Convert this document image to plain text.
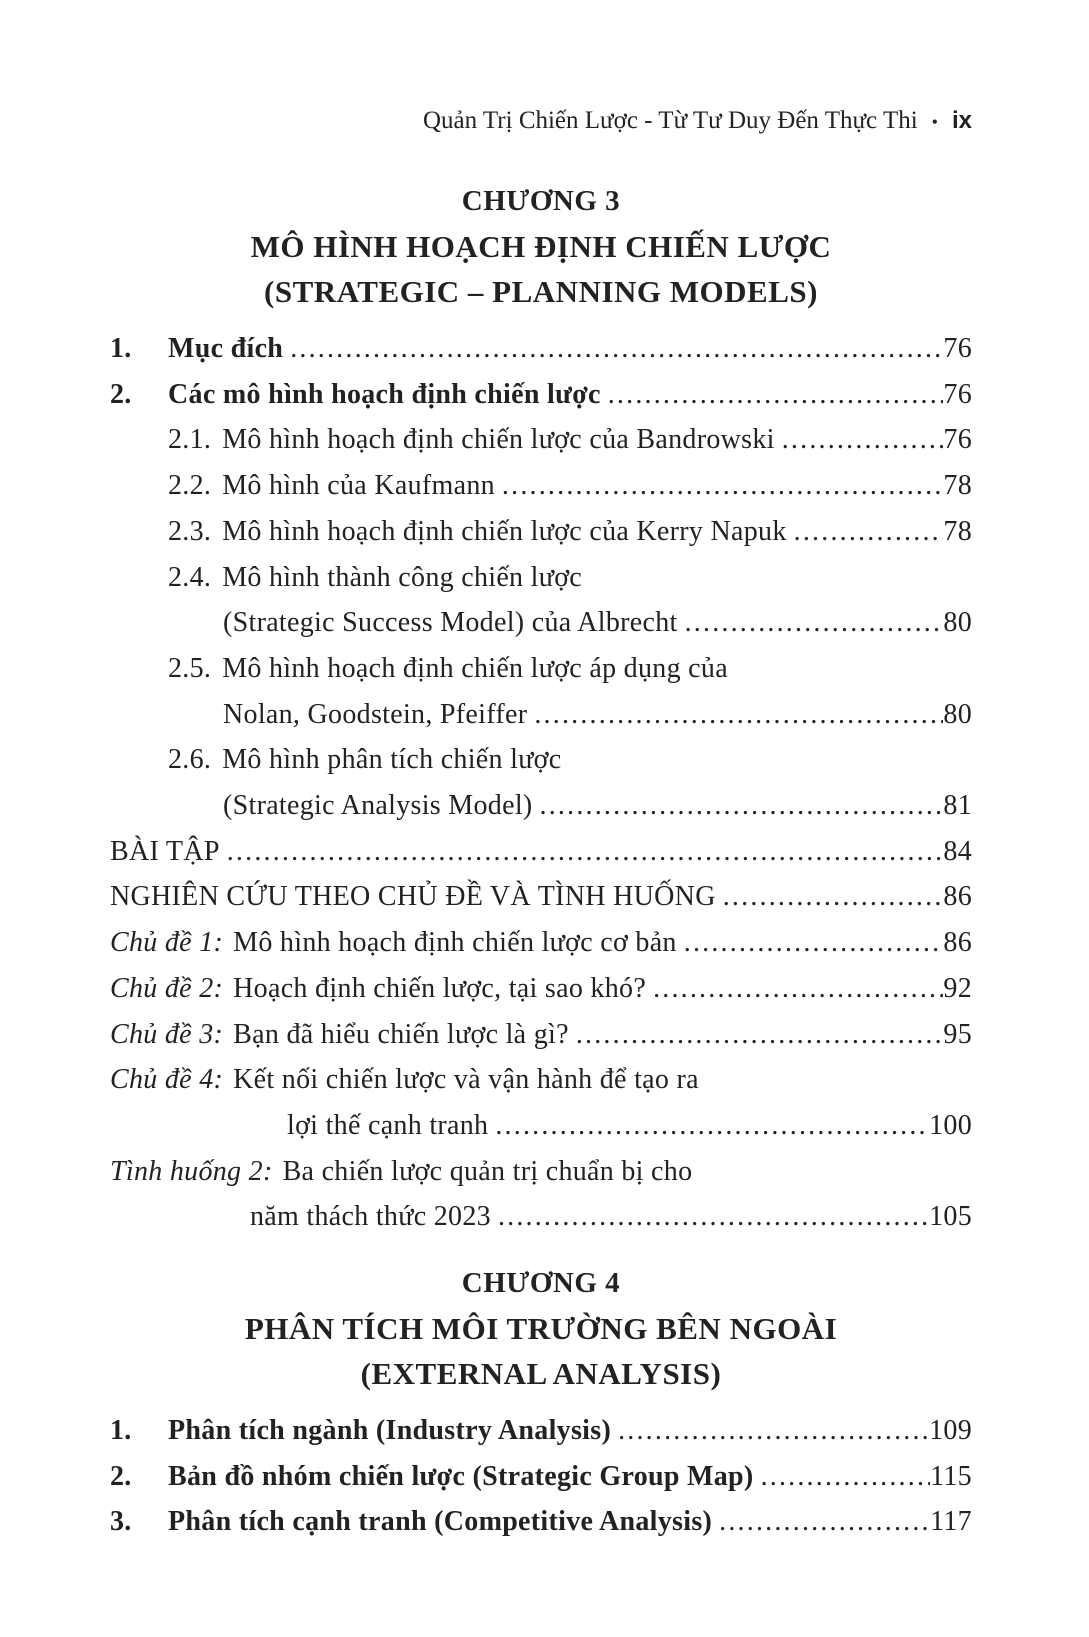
Quản Trị Chiến Lược - Từ Tư Duy Đến Thực Thi • ix
CHƯƠNG 3
MÔ HÌNH HOẠCH ĐỊNH CHIẾN LƯỢC
(STRATEGIC – PLANNING MODELS)
1.	Mục đích .....	76
2.	Các mô hình hoạch định chiến lược .....	76
2.1. Mô hình hoạch định chiến lược của Bandrowski .....	76
2.2. Mô hình của Kaufmann .....	78
2.3. Mô hình hoạch định chiến lược của Kerry Napuk .....	78
2.4. Mô hình thành công chiến lược
(Strategic Success Model) của Albrecht .....	80
2.5. Mô hình hoạch định chiến lược áp dụng của
Nolan, Goodstein, Pfeiffer .....	80
2.6. Mô hình phân tích chiến lược
(Strategic Analysis Model) .....	81
BÀI TẬP .....	84
NGHIÊN CỨU THEO CHỦ ĐỀ VÀ TÌNH HUỐNG .....	86
Chủ đề 1: Mô hình hoạch định chiến lược cơ bản .....	86
Chủ đề 2: Hoạch định chiến lược, tại sao khó? .....	92
Chủ đề 3: Bạn đã hiểu chiến lược là gì? .....	95
Chủ đề 4: Kết nối chiến lược và vận hành để tạo ra
lợi thế cạnh tranh .....	100
Tình huống 2: Ba chiến lược quản trị chuẩn bị cho
năm thách thức 2023 .....	105
CHƯƠNG 4
PHÂN TÍCH MÔI TRƯỜNG BÊN NGOÀI
(EXTERNAL ANALYSIS)
1.	Phân tích ngành (Industry Analysis) .....	109
2.	Bản đồ nhóm chiến lược (Strategic Group Map) .....	115
3.	Phân tích cạnh tranh (Competitive Analysis) .....	117
